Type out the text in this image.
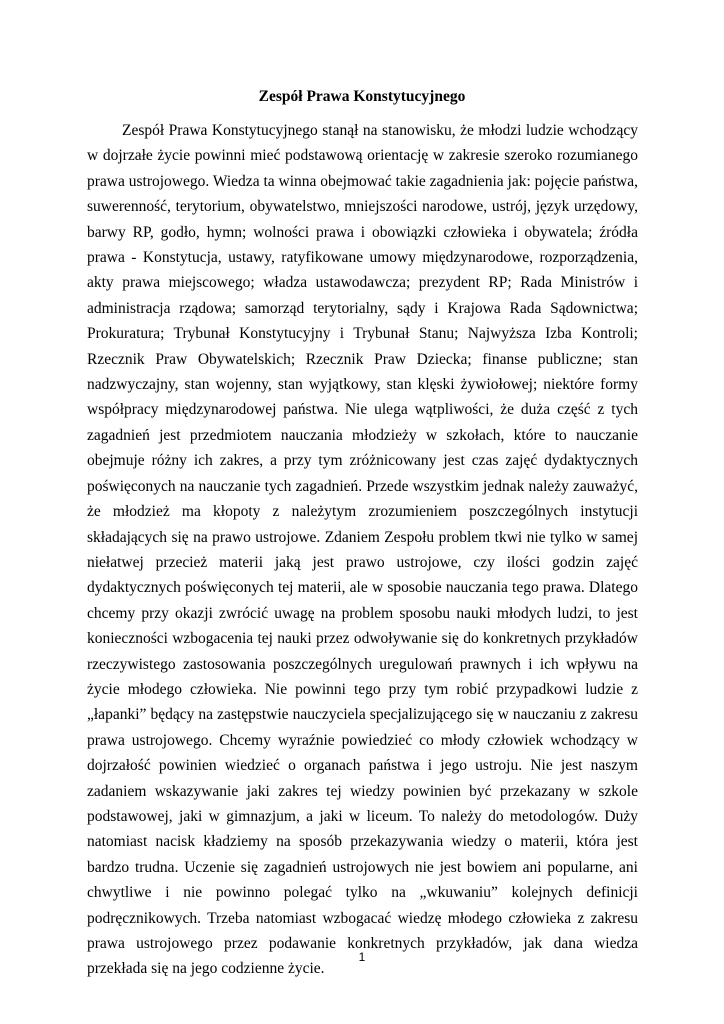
Zespół Prawa Konstytucyjnego

Zespół Prawa Konstytucyjnego stanął na stanowisku, że młodzi ludzie wchodzący w dojrzałe życie powinni mieć podstawową orientację w zakresie szeroko rozumianego prawa ustrojowego. Wiedza ta winna obejmować takie zagadnienia jak: pojęcie państwa, suwerenność, terytorium, obywatelstwo, mniejszości narodowe, ustrój, język urzędowy, barwy RP, godło, hymn; wolności prawa i obowiązki człowieka i obywatela; źródła prawa - Konstytucja, ustawy, ratyfikowane umowy międzynarodowe, rozporządzenia, akty prawa miejscowego; władza ustawodawcza; prezydent RP; Rada Ministrów i administracja rządowa; samorząd terytorialny, sądy i Krajowa Rada Sądownictwa; Prokuratura; Trybunał Konstytucyjny i Trybunał Stanu; Najwyższa Izba Kontroli; Rzecznik Praw Obywatelskich; Rzecznik Praw Dziecka; finanse publiczne; stan nadzwyczajny, stan wojenny, stan wyjątkowy, stan klęski żywiołowej; niektóre formy współpracy międzynarodowej państwa. Nie ulega wątpliwości, że duża część z tych zagadnień jest przedmiotem nauczania młodzieży w szkołach, które to nauczanie obejmuje różny ich zakres, a przy tym zróżnicowany jest czas zajęć dydaktycznych poświęconych na nauczanie tych zagadnień. Przede wszystkim jednak należy zauważyć, że młodzież ma kłopoty z należytym zrozumieniem poszczególnych instytucji składających się na prawo ustrojowe. Zdaniem Zespołu problem tkwi nie tylko w samej niełatwej przecież materii jaką jest prawo ustrojowe, czy ilości godzin zajęć dydaktycznych poświęconych tej materii, ale w sposobie nauczania tego prawa. Dlatego chcemy przy okazji zwrócić uwagę na problem sposobu nauki młodych ludzi, to jest konieczności wzbogacenia tej nauki przez odwoływanie się do konkretnych przykładów rzeczywistego zastosowania poszczególnych uregulowań prawnych i ich wpływu na życie młodego człowieka. Nie powinni tego przy tym robić przypadkowi ludzie z „łapanki” będący na zastępstwie nauczyciela specjalizującego się w nauczaniu z zakresu prawa ustrojowego. Chcemy wyraźnie powiedzieć co młody człowiek wchodzący w dojrzałość powinien wiedzieć o organach państwa i jego ustroju. Nie jest naszym zadaniem wskazywanie jaki zakres tej wiedzy powinien być przekazany w szkole podstawowej, jaki w gimnazjum, a jaki w liceum. To należy do metodologów. Duży natomiast nacisk kładziemy na sposób przekazywania wiedzy o materii, która jest bardzo trudna. Uczenie się zagadnień ustrojowych nie jest bowiem ani popularne, ani chwytliwe i nie powinno polegać tylko na „wkuwaniu” kolejnych definicji podręcznikowych. Trzeba natomiast wzbogacać wiedzę młodego człowieka z zakresu prawa ustrojowego przez podawanie konkretnych przykładów, jak dana wiedza przekłada się na jego codzienne życie.

1
